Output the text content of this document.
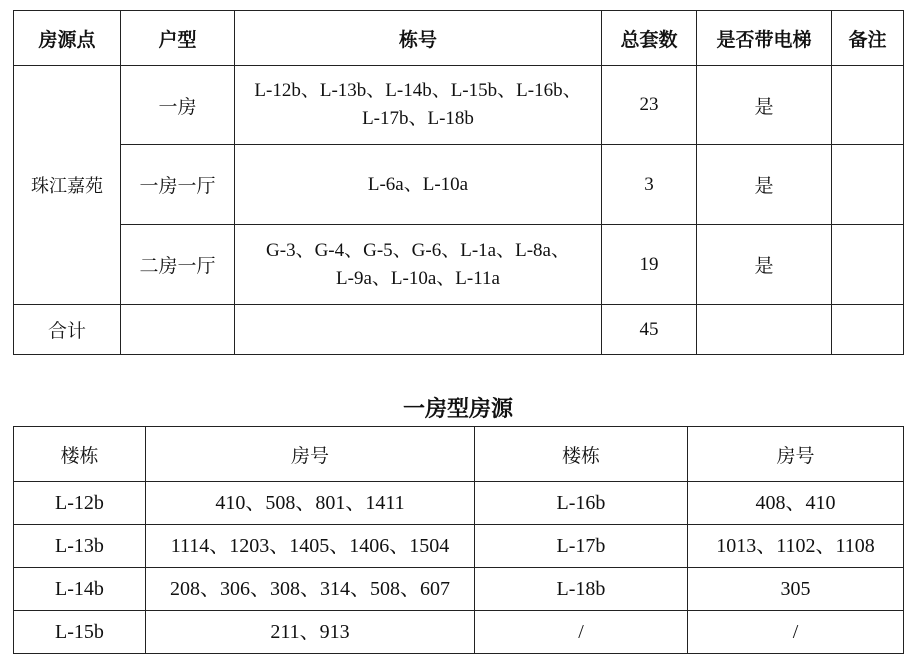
房源点	户型	栋号	总套数	是否带电梯	备注
珠江嘉苑	一房	L-12b、L-13b、L-14b、L-15b、L-16b、
L-17b、L-18b	23	是	
	一房一厅	L-6a、L-10a	3	是	
	二房一厅	G-3、G-4、G-5、G-6、L-1a、L-8a、
L-9a、L-10a、L-11a	19	是	
合计			45		
一房型房源
楼栋	房号	楼栋	房号
L-12b	410、508、801、1411	L-16b	408、410
L-13b	1114、1203、1405、1406、1504	L-17b	1013、1102、1108
L-14b	208、306、308、314、508、607	L-18b	305
L-15b	211、913	/	/
